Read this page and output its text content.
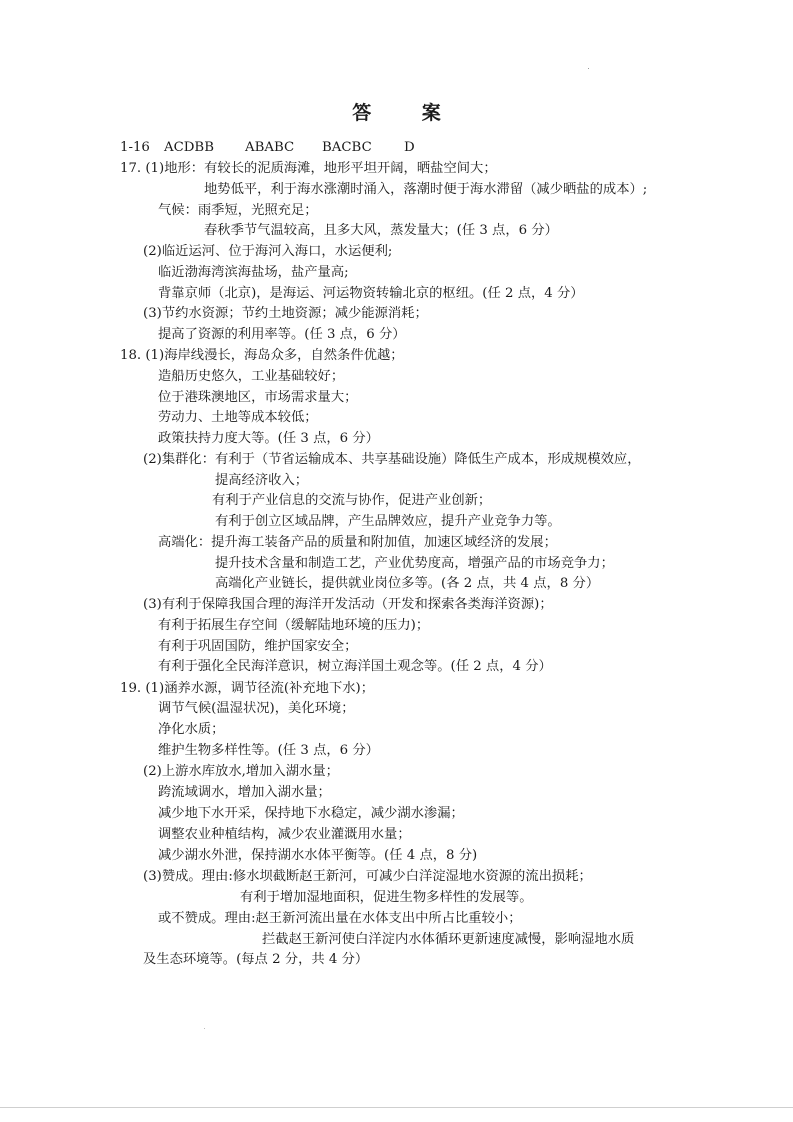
答 案
1-16 ACDBB ABABC BACBC D
17. (1)地形：有较长的泥质海滩，地形平坦开阔，晒盐空间大；
地势低平，利于海水涨潮时涌入，落潮时便于海水滞留（减少晒盐的成本）;
气候：雨季短，光照充足；
春秋季节气温较高，且多大风，蒸发量大；(任 3 点，6 分）
(2)临近运河、位于海河入海口，水运便利;
临近渤海湾滨海盐场，盐产量高;
背靠京师（北京)，是海运、河运物资转输北京的枢纽。(任 2 点，4 分）
(3)节约水资源；节约土地资源；减少能源消耗；
提高了资源的利用率等。(任 3 点，6 分）
18. (1)海岸线漫长，海岛众多，自然条件优越；
造船历史悠久，工业基础较好；
位于港珠澳地区，市场需求量大；
劳动力、土地等成本较低；
政策扶持力度大等。(任 3 点，6 分）
(2)集群化：有利于（节省运输成本、共享基础设施）降低生产成本，形成规模效应，
提高经济收入；
有利于产业信息的交流与协作，促进产业创新；
有利于创立区域品牌，产生品牌效应，提升产业竞争力等。
高端化：提升海工装备产品的质量和附加值，加速区域经济的发展；
提升技术含量和制造工艺，产业优势度高，增强产品的市场竞争力；
高端化产业链长，提供就业岗位多等。(各 2 点，共 4 点，8 分）
(3)有利于保障我国合理的海洋开发活动（开发和探索各类海洋资源)；
有利于拓展生存空间（缓解陆地环境的压力)；
有利于巩固国防，维护国家安全；
有利于强化全民海洋意识，树立海洋国土观念等。(任 2 点，4 分）
19. (1)涵养水源，调节径流(补充地下水)；
调节气候(温湿状况)，美化环境；
净化水质；
维护生物多样性等。(任 3 点，6 分）
(2)上游水库放水,增加入湖水量；
跨流域调水，增加入湖水量；
减少地下水开采，保持地下水稳定，减少湖水渗漏；
调整农业种植结构，减少农业灌溉用水量；
减少湖水外泄，保持湖水水体平衡等。(任 4 点，8 分)
(3)赞成。理由:修水坝截断赵王新河，可减少白洋淀湿地水资源的流出损耗；
有利于增加湿地面积，促进生物多样性的发展等。
或不赞成。理由:赵王新河流出量在水体支出中所占比重较小；
拦截赵王新河使白洋淀内水体循环更新速度减慢，影响湿地水质
及生态环境等。(每点 2 分，共 4 分）
